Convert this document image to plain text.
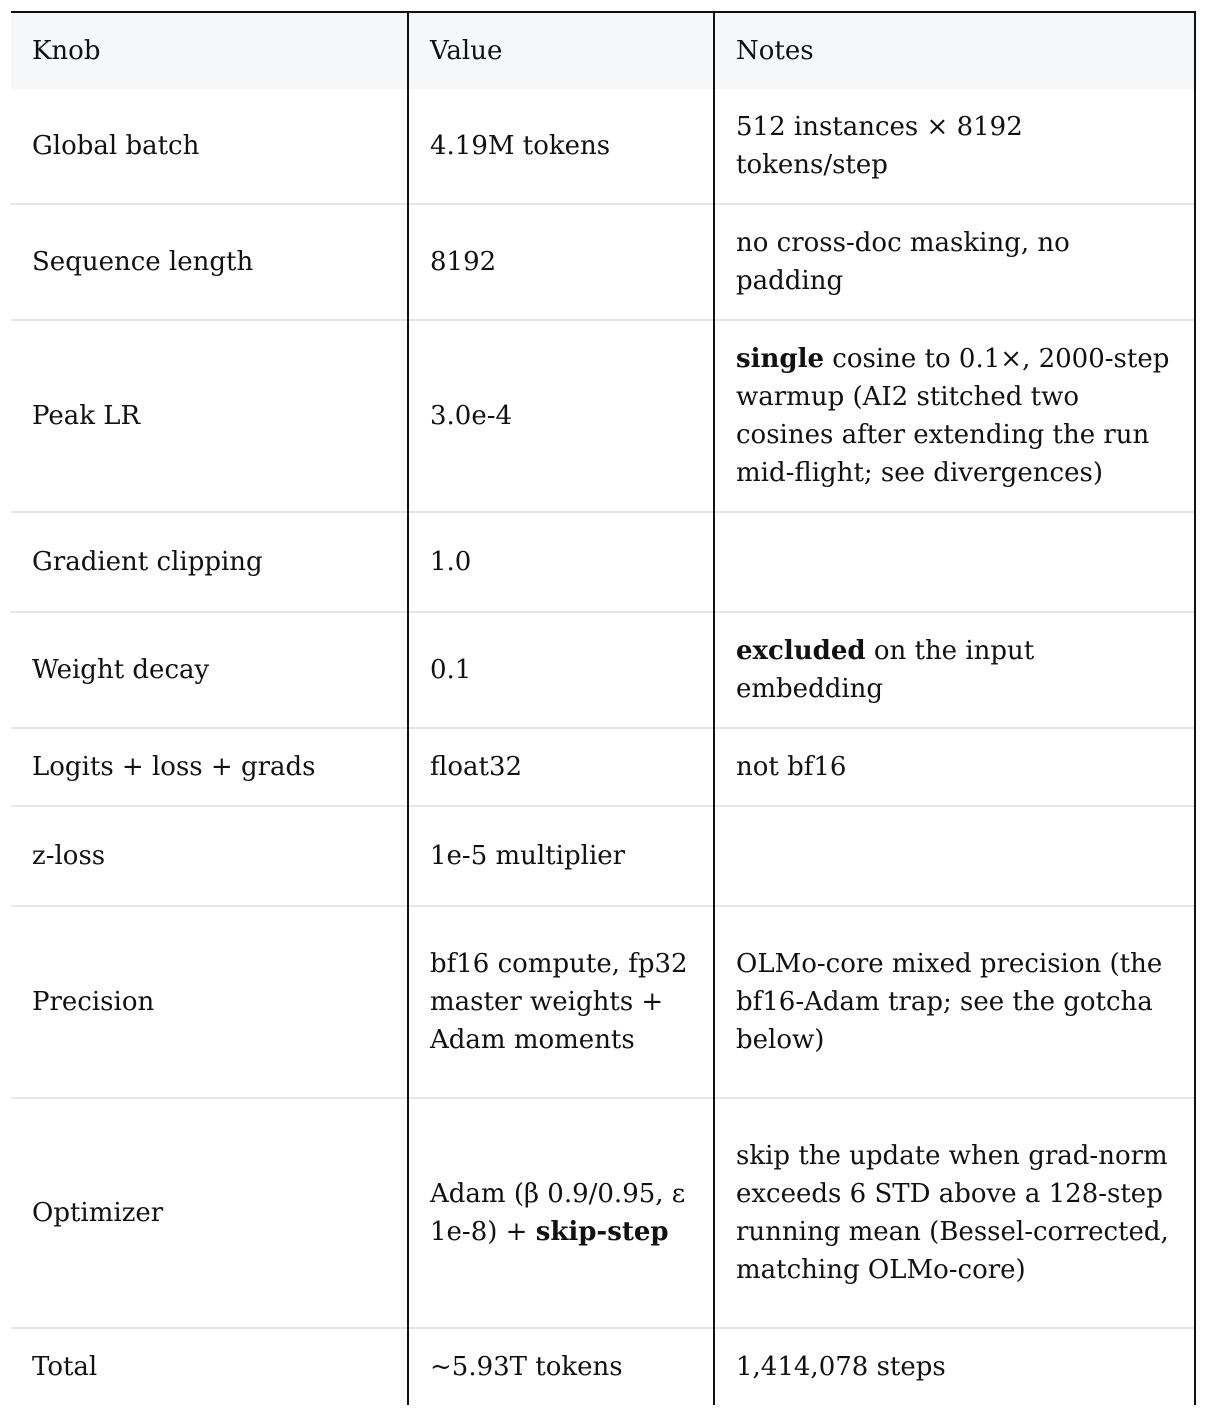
Knob	Value	Notes
Global batch	4.19M tokens	512 instances × 8192 tokens/step
Sequence length	8192	no cross-doc masking, no padding
Peak LR	3.0e-4	single cosine to 0.1×, 2000-step warmup (AI2 stitched two cosines after extending the run mid-flight; see divergences)
Gradient clipping	1.0	
Weight decay	0.1	excluded on the input embedding
Logits + loss + grads	float32	not bf16
z-loss	1e-5 multiplier	
Precision	bf16 compute, fp32 master weights + Adam moments	OLMo-core mixed precision (the bf16-Adam trap; see the gotcha below)
Optimizer	Adam (β 0.9/0.95, ε 1e-8) + skip-step	skip the update when grad-norm exceeds 6 STD above a 128-step running mean (Bessel-corrected, matching OLMo-core)
Total	~5.93T tokens	1,414,078 steps
